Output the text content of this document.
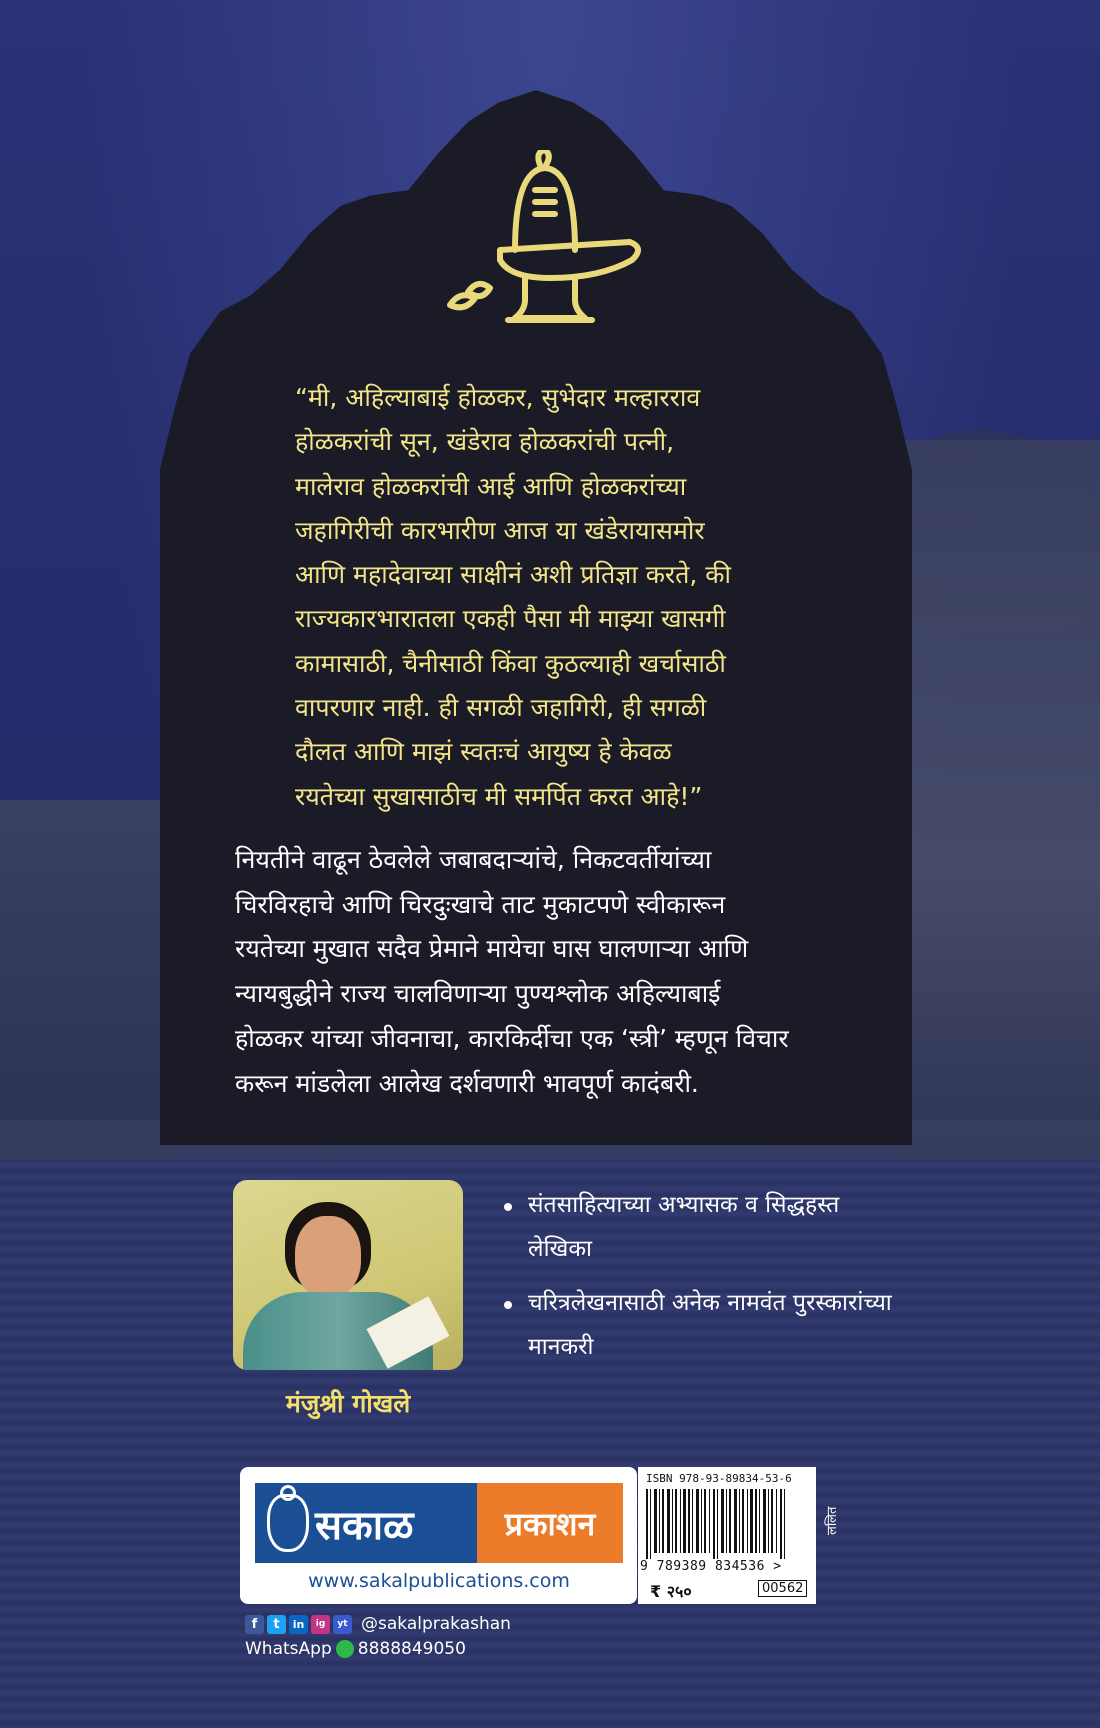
“मी, अहिल्याबाई होळकर, सुभेदार मल्हारराव
होळकरांची सून, खंडेराव होळकरांची पत्नी,
मालेराव होळकरांची आई आणि होळकरांच्या
जहागिरीची कारभारीण आज या खंडेरायासमोर
आणि महादेवाच्या साक्षीनं अशी प्रतिज्ञा करते, की
राज्यकारभारातला एकही पैसा मी माझ्या खासगी
कामासाठी, चैनीसाठी किंवा कुठल्याही खर्चासाठी
वापरणार नाही. ही सगळी जहागिरी, ही सगळी
दौलत आणि माझं स्वतःचं आयुष्य हे केवळ
रयतेच्या सुखासाठीच मी समर्पित करत आहे!”
नियतीने वाढून ठेवलेले जबाबदाऱ्यांचे, निकटवर्तीयांच्या
चिरविरहाचे आणि चिरदुःखाचे ताट मुकाटपणे स्वीकारून
रयतेच्या मुखात सदैव प्रेमाने मायेचा घास घालणाऱ्या आणि
न्यायबुद्धीने राज्य चालविणाऱ्या पुण्यश्लोक अहिल्याबाई
होळकर यांच्या जीवनाचा, कारकिर्दीचा एक ‘स्त्री’ म्हणून विचार
करून मांडलेला आलेख दर्शवणारी भावपूर्ण कादंबरी.

मंजुश्री गोखले

संतसाहित्याच्या अभ्यासक व सिद्धहस्त लेखिका
चरित्रलेखनासाठी अनेक नामवंत पुरस्कारांच्या मानकरी
सकाळ	प्रकाशन

www.sakalpublications.com

ISBN 978-93-89834-53-6

9 789389 834536 >

₹ २५०	00562

ललित

f	t	in	ig	yt @sakalprakashan
WhatsApp 8888849050
